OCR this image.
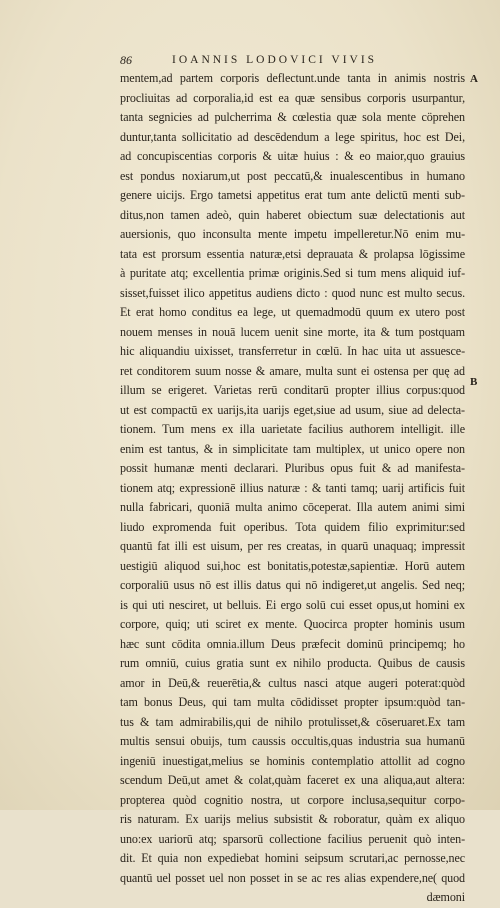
86	IOANNIS LODOVICI VIVIS
A
B
mentem,ad partem corporis deflectunt.unde tanta in animis nostris
procliuitas ad corporalia,id est ea quæ sensibus corporis usurpantur,
tanta segnicies ad pulcherrima & cœlestia quæ sola mente cöprehen
duntur,tanta sollicitatio ad descēdendum a lege spiritus, hoc est Dei,
ad concupiscentias corporis & uitæ huius : & eo maior,quo grauius
est pondus noxiarum,ut post peccatū,& inualescentibus in humano
genere uicijs. Ergo tametsi appetitus erat tum ante delictū menti sub-
ditus,non tamen adeò, quin haberet obiectum suæ delectationis aut
auersionis, quo inconsulta mente impetu impelleretur.Nō enim mu-
tata est prorsum essentia naturæ,etsi deprauata & prolapsa lōgissime
à puritate atq; excellentia primæ originis.Sed si tum mens aliquid iuf-
sisset,fuisset ilico appetitus audiens dicto : quod nunc est multo secus.
Et erat homo conditus ea lege, ut quemadmodū quum ex utero post
nouem menses in nouā lucem uenit sine morte, ita & tum postquam
hic aliquandiu uixisset, transferretur in cœlū. In hac uita ut assuesce-
ret conditorem suum nosse & amare, multa sunt ei ostensa per quę ad
illum se erigeret. Varietas rerū conditarū propter illius corpus:quod
ut est compactū ex uarijs,ita uarijs eget,siue ad usum, siue ad delecta-
tionem. Tum mens ex illa uarietate facilius authorem intelligit. ille
enim est tantus, & in simplicitate tam multiplex, ut unico opere non
possit humanæ menti declarari. Pluribus opus fuit & ad manifesta-
tionem atq; expressionē illius naturæ : & tanti tamq; uarij artificis fuit
nulla fabricari, quoniā multa animo cōceperat. Illa autem animi simi
liudo expromenda fuit operibus. Tota quidem filio exprimitur:sed
quantū fat illi est uisum, per res creatas, in quarū unaquaq; impressit
uestigiū aliquod sui,hoc est bonitatis,potestæ,sapientiæ. Horū autem
corporaliū usus nō est illis datus qui nō indigeret,ut angelis. Sed neq;
is qui uti nesciret, ut belluis. Ei ergo solū cui esset opus,ut homini ex
corpore, quiq; uti sciret ex mente. Quocirca propter hominis usum
hæc sunt cōdita omnia.illum Deus præfecit dominū principemq; ho
rum omniū, cuius gratia sunt ex nihilo producta. Quibus de causis
amor in Deū,& reuerētia,& cultus nasci atque augeri poterat:quòd
tam bonus Deus, qui tam multa cōdidisset propter ipsum:quòd tan-
tus & tam admirabilis,qui de nihilo protulisset,& cōseruaret.Ex tam
multis sensui obuijs, tum caussis occultis,quas industria sua humanū
ingeniū inuestigat,melius se hominis contemplatio attollit ad cogno
scendum Deū,ut amet & colat,quàm faceret ex una aliqua,aut altera:
propterea quòd cognitio nostra, ut corpore inclusa,sequitur corpo-
ris naturam. Ex uarijs melius subsistit & roboratur, quàm ex aliquo
uno:ex uariorū atq; sparsorū collectione facilius peruenit quò inten-
dit. Et quia non expediebat homini seipsum scrutari,ac pernosse,nec
quantū uel posset uel non posset in se ac res alias expendere,ne( quod
dæmoni
